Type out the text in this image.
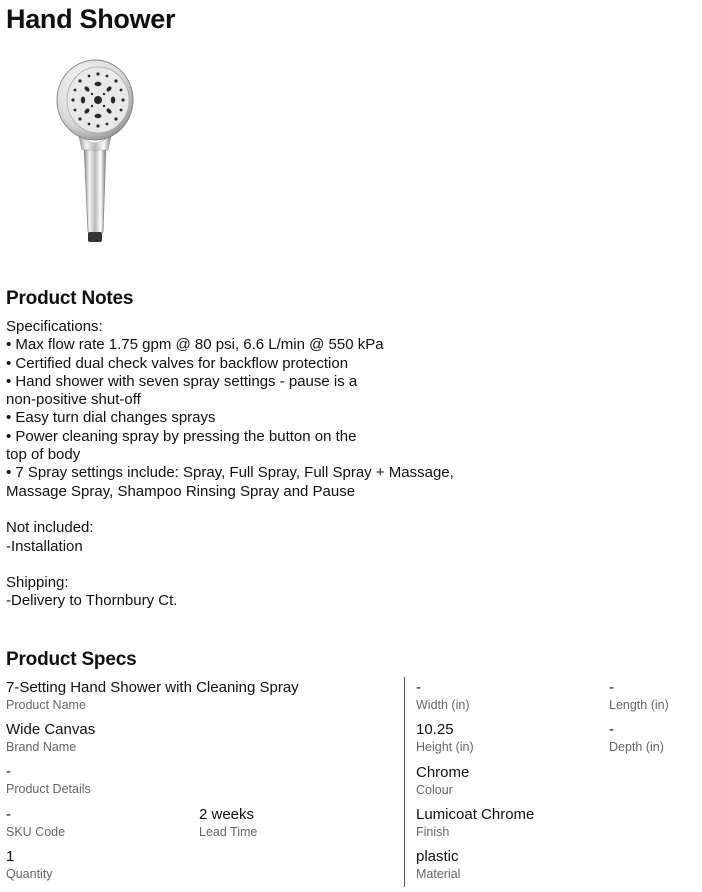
Hand Shower
Product Notes
Specifications:
• Max flow rate 1.75 gpm @ 80 psi, 6.6 L/min @ 550 kPa
• Certified dual check valves for backflow protection
• Hand shower with seven spray settings - pause is a
non-positive shut-off
• Easy turn dial changes sprays
• Power cleaning spray by pressing the button on the
top of body
• 7 Spray settings include: Spray, Full Spray, Full Spray + Massage,
Massage Spray, Shampoo Rinsing Spray and Pause
Not included:
-Installation
Shipping:
-Delivery to Thornbury Ct.
Product Specs
7-Setting Hand Shower with Cleaning Spray
Product Name
Wide Canvas
Brand Name
-
Product Details
-
SKU Code
2 weeks
Lead Time
1
Quantity
-
Width (in)
-
Length (in)
10.25
Height (in)
-
Depth (in)
Chrome
Colour
Lumicoat Chrome
Finish
plastic
Material
